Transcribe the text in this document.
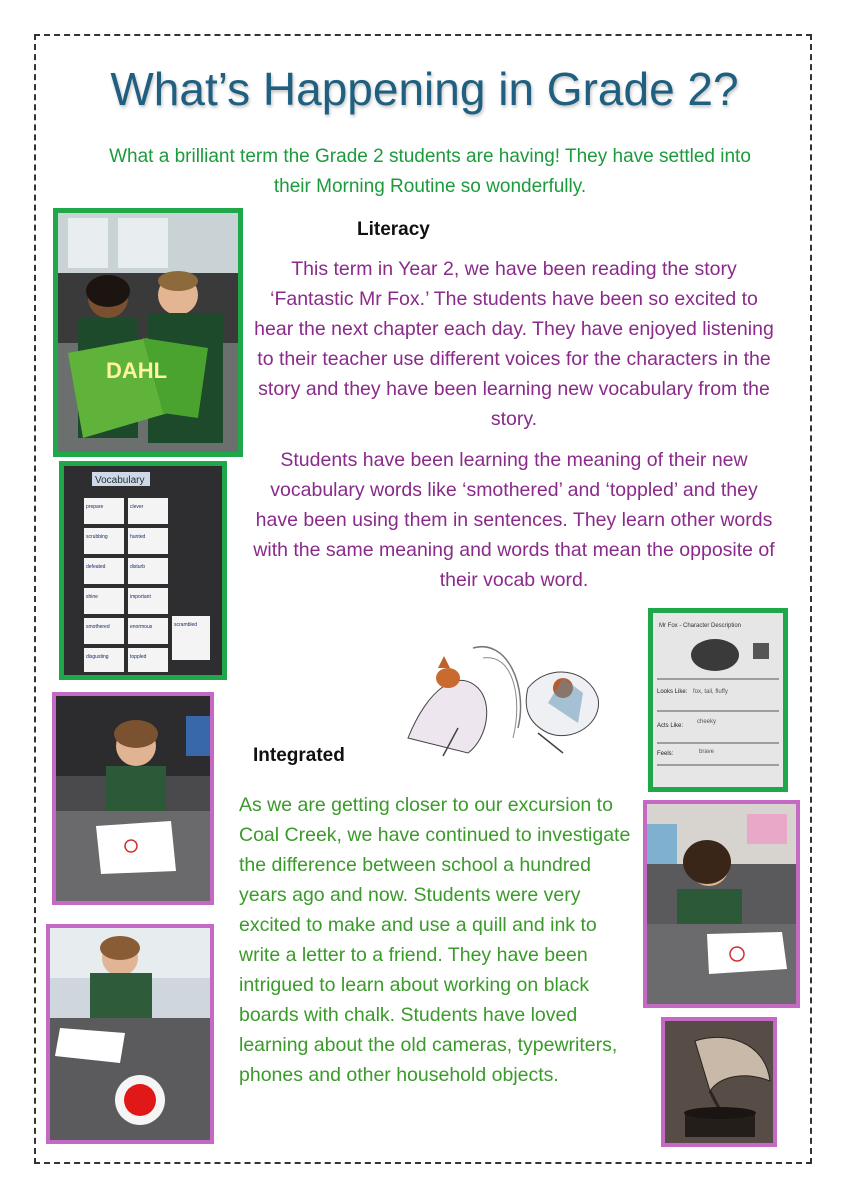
What’s Happening in Grade 2?

What a brilliant term the Grade 2 students are having! They have settled into their Morning Routine so wonderfully.

Literacy

This term in Year 2, we have been reading the story ‘Fantastic Mr Fox.’ The students have been so excited to hear the next chapter each day. They have enjoyed listening to their teacher use different voices for the characters in the story and they have been learning new vocabulary from the story.

Students have been learning the meaning of their new vocabulary words like ‘smothered’ and ‘toppled’ and they have been using them in sentences. They learn other words with the same meaning and words that mean the opposite of their vocab word.

Integrated

As we are getting closer to our excursion to Coal Creek, we have continued to investigate the difference between school a hundred years ago and now. Students were very excited to make and use a quill and ink to write a letter to a friend. They have been intrigued to learn about working on black boards with chalk. Students have loved learning about the old cameras, typewriters, phones and other household objects.

DAHL
Vocabulary
prepare	clever
scrubbing	hunted
defeated	disturb
shine	important
smothered	enormous
disgusting	toppled
scrambled	Mr Fox - Character Description
Looks Like: fox, tail, fluffy
Acts Like:
cheeky
Feels:	brave
